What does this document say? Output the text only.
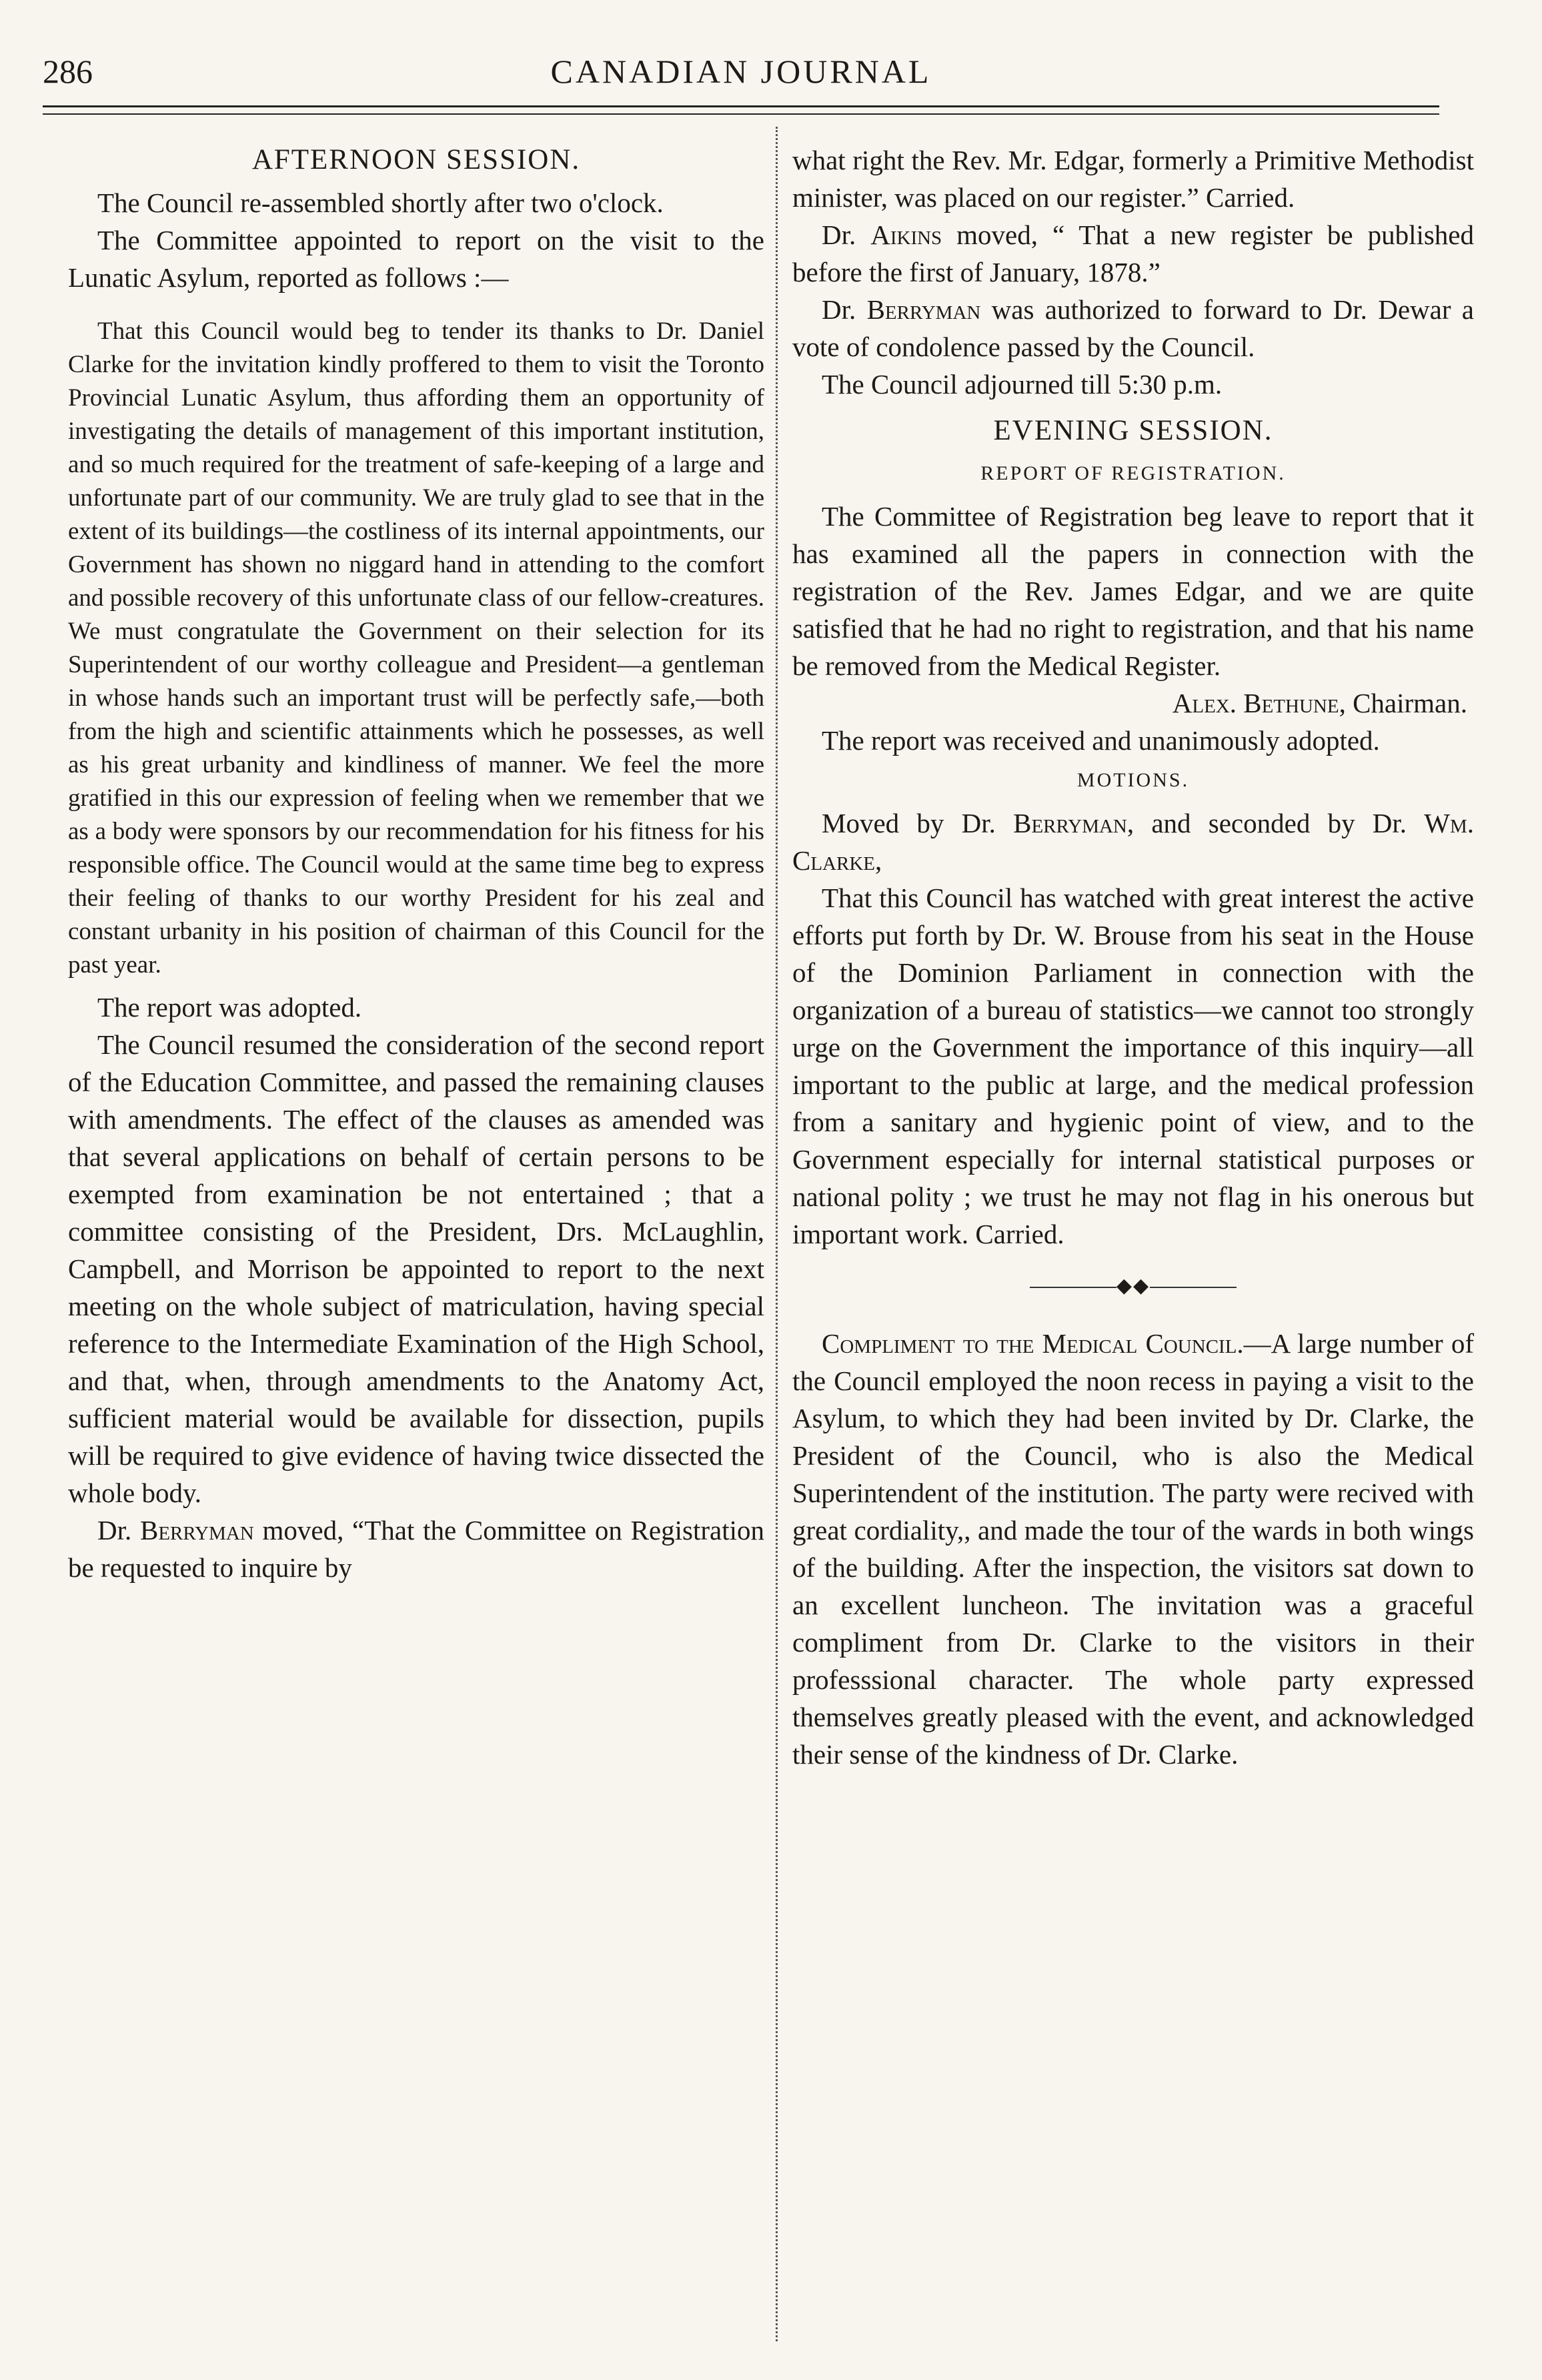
286	CANADIAN JOURNAL
AFTERNOON SESSION.

The Council re-assembled shortly after two o'clock.

The Committee appointed to report on the visit to the Lunatic Asylum, reported as follows :—

That this Council would beg to tender its thanks to Dr. Daniel Clarke for the invitation kindly proffered to them to visit the Toronto Provincial Lunatic Asylum, thus affording them an opportunity of investigating the details of management of this important institution, and so much required for the treatment of safe-keeping of a large and unfortunate part of our community. We are truly glad to see that in the extent of its buildings—the costliness of its internal appointments, our Government has shown no niggard hand in attending to the comfort and possible recovery of this unfortunate class of our fellow-creatures. We must congratulate the Government on their selection for its Superintendent of our worthy colleague and President—a gentleman in whose hands such an important trust will be perfectly safe,—both from the high and scientific attainments which he possesses, as well as his great urbanity and kindliness of manner. We feel the more gratified in this our expression of feeling when we remember that we as a body were sponsors by our recommendation for his fitness for his responsible office. The Council would at the same time beg to express their feeling of thanks to our worthy President for his zeal and constant urbanity in his position of chairman of this Council for the past year.

The report was adopted.

The Council resumed the consideration of the second report of the Education Committee, and passed the remaining clauses with amendments. The effect of the clauses as amended was that several applications on behalf of certain persons to be exempted from examination be not entertained ; that a committee consisting of the President, Drs. McLaughlin, Campbell, and Morrison be appointed to report to the next meeting on the whole subject of matriculation, having special reference to the Intermediate Examination of the High School, and that, when, through amendments to the Anatomy Act, sufficient material would be available for dissection, pupils will be required to give evidence of having twice dissected the whole body.

Dr. Berryman moved, “That the Committee on Registration be requested to inquire by

what right the Rev. Mr. Edgar, formerly a Primitive Methodist minister, was placed on our register.” Carried.

Dr. Aikins moved, “ That a new register be published before the first of January, 1878.”

Dr. Berryman was authorized to forward to Dr. Dewar a vote of condolence passed by the Council.

The Council adjourned till 5:30 p.m.

EVENING SESSION.
REPORT OF REGISTRATION.

The Committee of Registration beg leave to report that it has examined all the papers in connection with the registration of the Rev. James Edgar, and we are quite satisfied that he had no right to registration, and that his name be removed from the Medical Register.

Alex. Bethune, Chairman.

The report was received and unanimously adopted.

MOTIONS.

Moved by Dr. Berryman, and seconded by Dr. Wm. Clarke,

That this Council has watched with great interest the active efforts put forth by Dr. W. Brouse from his seat in the House of the Dominion Parliament in connection with the organization of a bureau of statistics—we cannot too strongly urge on the Government the importance of this inquiry—all important to the public at large, and the medical profession from a sanitary and hygienic point of view, and to the Government especially for internal statistical purposes or national polity ; we trust he may not flag in his onerous but important work. Carried.

◆◆

Compliment to the Medical Council.—A large number of the Council employed the noon recess in paying a visit to the Asylum, to which they had been invited by Dr. Clarke, the President of the Council, who is also the Medical Superintendent of the institution. The party were recived with great cordiality,, and made the tour of the wards in both wings of the building. After the inspection, the visitors sat down to an excellent luncheon. The invitation was a graceful compliment from Dr. Clarke to the visitors in their professsional character. The whole party expressed themselves greatly pleased with the event, and acknowledged their sense of the kindness of Dr. Clarke.
